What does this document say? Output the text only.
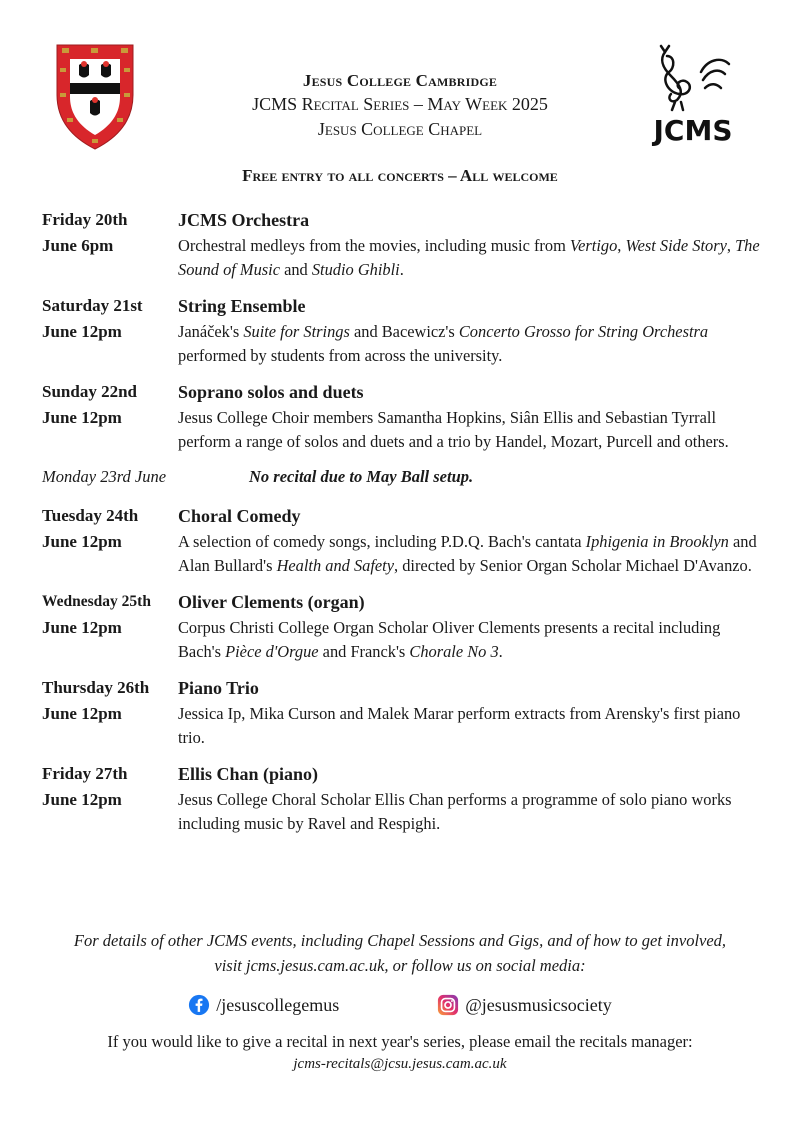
JCMS
Jesus College Cambridge
JCMS Recital Series – May Week 2025
Jesus College Chapel
Free entry to all concerts – All welcome
Friday 20th	JCMS Orchestra
June 6pm	Orchestral medleys from the movies, including music from Vertigo, West Side Story, The Sound of Music and Studio Ghibli.
Saturday 21st	String Ensemble
June 12pm	Janáček's Suite for Strings and Bacewicz's Concerto Grosso for String Orchestra performed by students from across the university.
Sunday 22nd	Soprano solos and duets
June 12pm	Jesus College Choir members Samantha Hopkins, Siân Ellis and Sebastian Tyrrall perform a range of solos and duets and a trio by Handel, Mozart, Purcell and others.
Monday 23rd June	No recital due to May Ball setup.
Tuesday 24th	Choral Comedy
June 12pm	A selection of comedy songs, including P.D.Q. Bach's cantata Iphigenia in Brooklyn and Alan Bullard's Health and Safety, directed by Senior Organ Scholar Michael D'Avanzo.
Wednesday 25th	Oliver Clements (organ)
June 12pm	Corpus Christi College Organ Scholar Oliver Clements presents a recital including Bach's Pièce d'Orgue and Franck's Chorale No 3.
Thursday 26th	Piano Trio
June 12pm	Jessica Ip, Mika Curson and Malek Marar perform extracts from Arensky's first piano trio.
Friday 27th	Ellis Chan (piano)
June 12pm	Jesus College Choral Scholar Ellis Chan performs a programme of solo piano works including music by Ravel and Respighi.
For details of other JCMS events, including Chapel Sessions and Gigs, and of how to get involved,
visit jcms.jesus.cam.ac.uk, or follow us on social media:
/jesuscollegemus	@jesusmusicsociety
If you would like to give a recital in next year's series, please email the recitals manager:
jcms-recitals@jcsu.jesus.cam.ac.uk
